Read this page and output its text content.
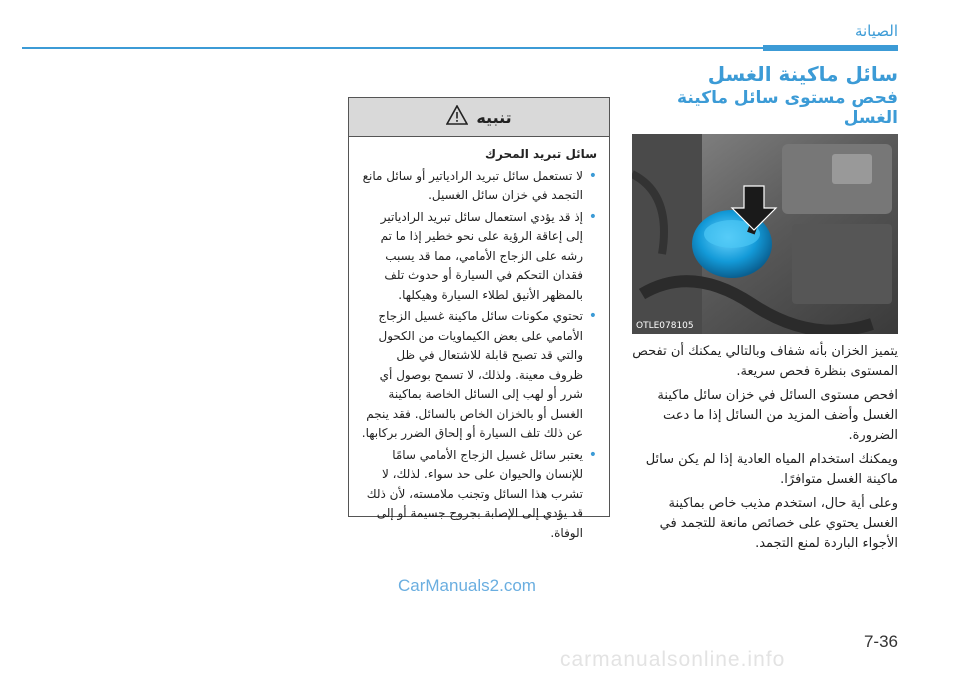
الصيانة
سائل ماكينة الغسل
فحص مستوى سائل ماكينة الغسل
OTLE078105

يتميز الخزان بأنه شفاف وبالتالي يمكنك أن تفحص المستوى بنظرة فحص سريعة.

افحص مستوى السائل في خزان سائل ماكينة الغسل وأضف المزيد من السائل إذا ما دعت الضرورة.

ويمكنك استخدام المياه العادية إذا لم يكن سائل ماكينة الغسل متوافرًا.

وعلى أية حال، استخدم مذيب خاص بماكينة الغسل يحتوي على خصائص مانعة للتجمد في الأجواء الباردة لمنع التجمد.

تنبيه
سائل تبريد المحرك
• لا تستعمل سائل تبريد الرادياتير أو سائل مانع التجمد في خزان سائل الغسيل.
• إذ قد يؤدي استعمال سائل تبريد الرادياتير إلى إعاقة الرؤية على نحو خطير إذا ما تم رشه على الزجاج الأمامي، مما قد يسبب فقدان التحكم في السيارة أو حدوث تلف بالمظهر الأنيق لطلاء السيارة وهيكلها.
• تحتوي مكونات سائل ماكينة غسيل الزجاج الأمامي على بعض الكيماويات من الكحول والتي قد تصبح قابلة للاشتعال في ظل ظروف معينة. ولذلك، لا تسمح بوصول أي شرر أو لهب إلى السائل الخاصة بماكينة الغسل أو بالخزان الخاص بالسائل. فقد ينجم عن ذلك تلف السيارة أو إلحاق الضرر بركابها.
• يعتبر سائل غسيل الزجاج الأمامي سامًا للإنسان والحيوان على حد سواء. لذلك، لا تشرب هذا السائل وتجنب ملامسته، لأن ذلك قد يؤدي إلى الإصابة بجروح جسيمة أو إلى الوفاة.
CarManuals2.com
7-36
carmanualsonline.info
